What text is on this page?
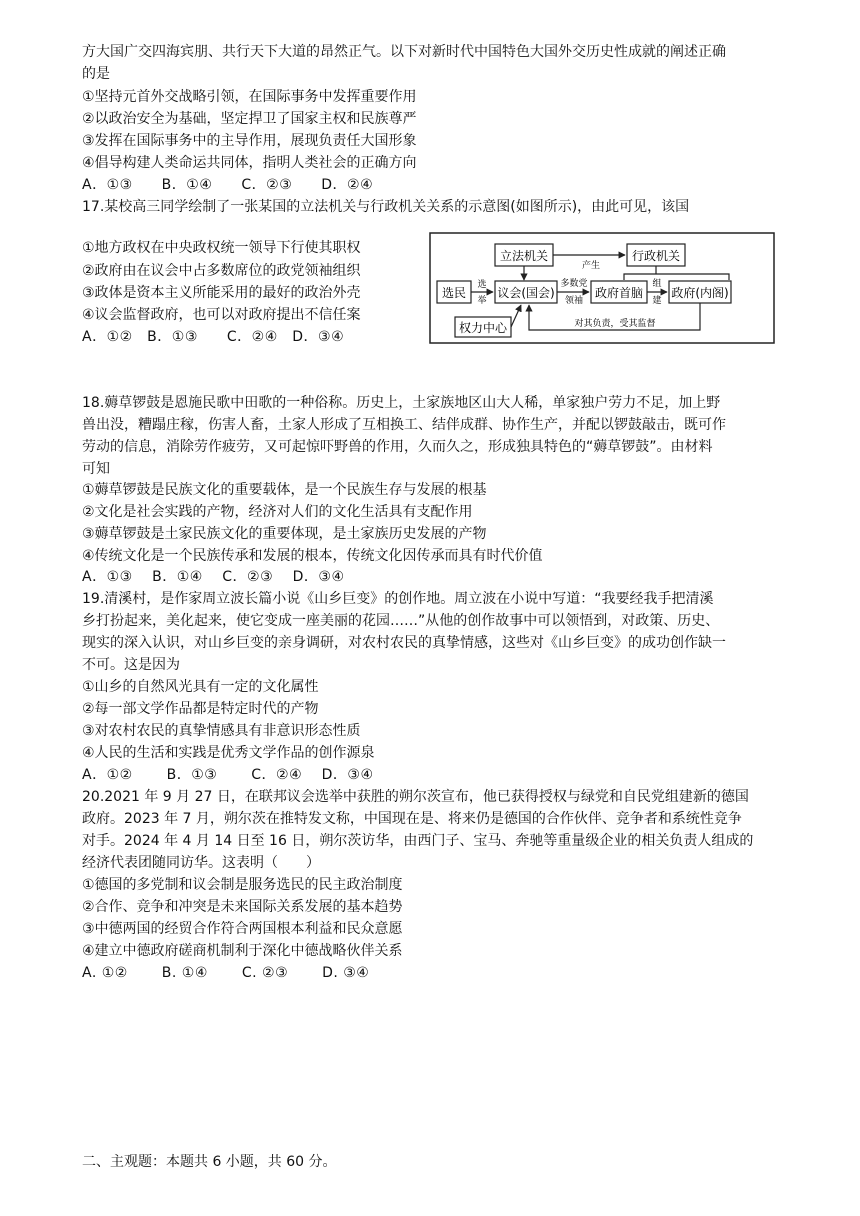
方大国广交四海宾朋、共行天下大道的昂然正气。以下对新时代中国特色大国外交历史性成就的阐述正确
的是
①坚持元首外交战略引领，在国际事务中发挥重要作用
②以政治安全为基础，坚定捍卫了国家主权和民族尊严
③发挥在国际事务中的主导作用，展现负责任大国形象
④倡导构建人类命运共同体，指明人类社会的正确方向
A．①③　　B．①④　　C．②③　　D．②④
17.某校高三同学绘制了一张某国的立法机关与行政机关关系的示意图(如图所示)，由此可见，该国
①地方政权在中央政权统一领导下行使其职权
②政府由在议会中占多数席位的政党领袖组织
③政体是资本主义所能采用的最好的政治外壳
④议会监督政府，也可以对政府提出不信任案
A．①②　B．①③　　C．②④　D．③④
立法机关	行政机关
产生
选民
选
举
议会(国会)
多数党
领袖
政府首脑
组
建
政府(内阁)
权力中心	对其负责，受其监督
18.薅草锣鼓是恩施民歌中田歌的一种俗称。历史上，土家族地区山大人稀，单家独户劳力不足，加上野
兽出没，糟蹋庄稼，伤害人畜，土家人形成了互相换工、结伴成群、协作生产，并配以锣鼓敲击，既可作
劳动的信息，消除劳作疲劳，又可起惊吓野兽的作用，久而久之，形成独具特色的“薅草锣鼓”。由材料
可知
①薅草锣鼓是民族文化的重要载体，是一个民族生存与发展的根基
②文化是社会实践的产物，经济对人们的文化生活具有支配作用
③薅草锣鼓是土家民族文化的重要体现，是土家族历史发展的产物
④传统文化是一个民族传承和发展的根本，传统文化因传承而具有时代价值
A．①③　 B．①④　 C．②③　 D．③④
19.清溪村，是作家周立波长篇小说《山乡巨变》的创作地。周立波在小说中写道：“我要经我手把清溪
乡打扮起来，美化起来，使它变成一座美丽的花园……”从他的创作故事中可以领悟到，对政策、历史、
现实的深入认识，对山乡巨变的亲身调研，对农村农民的真挚情感，这些对《山乡巨变》的成功创作缺一
不可。这是因为
①山乡的自然风光具有一定的文化属性
②每一部文学作品都是特定时代的产物
③对农村农民的真挚情感具有非意识形态性质
④人民的生活和实践是优秀文学作品的创作源泉
A．①②　　 B．①③　　 C．②④　 D．③④
20.2021 年 9 月 27 日，在联邦议会选举中获胜的朔尔茨宣布，他已获得授权与绿党和自民党组建新的德国
政府。2023 年 7 月，朔尔茨在推特发文称，中国现在是、将来仍是德国的合作伙伴、竞争者和系统性竞争
对手。2024 年 4 月 14 日至 16 日，朔尔茨访华，由西门子、宝马、奔驰等重量级企业的相关负责人组成的
经济代表团随同访华。这表明（　　）
①德国的多党制和议会制是服务选民的民主政治制度
②合作、竞争和冲突是未来国际关系发展的基本趋势
③中德两国的经贸合作符合两国根本利益和民众意愿
④建立中德政府磋商机制利于深化中德战略伙伴关系
A. ①②　　 B. ①④　　 C. ②③　　 D. ③④
二、主观题：本题共 6 小题，共 60 分。
